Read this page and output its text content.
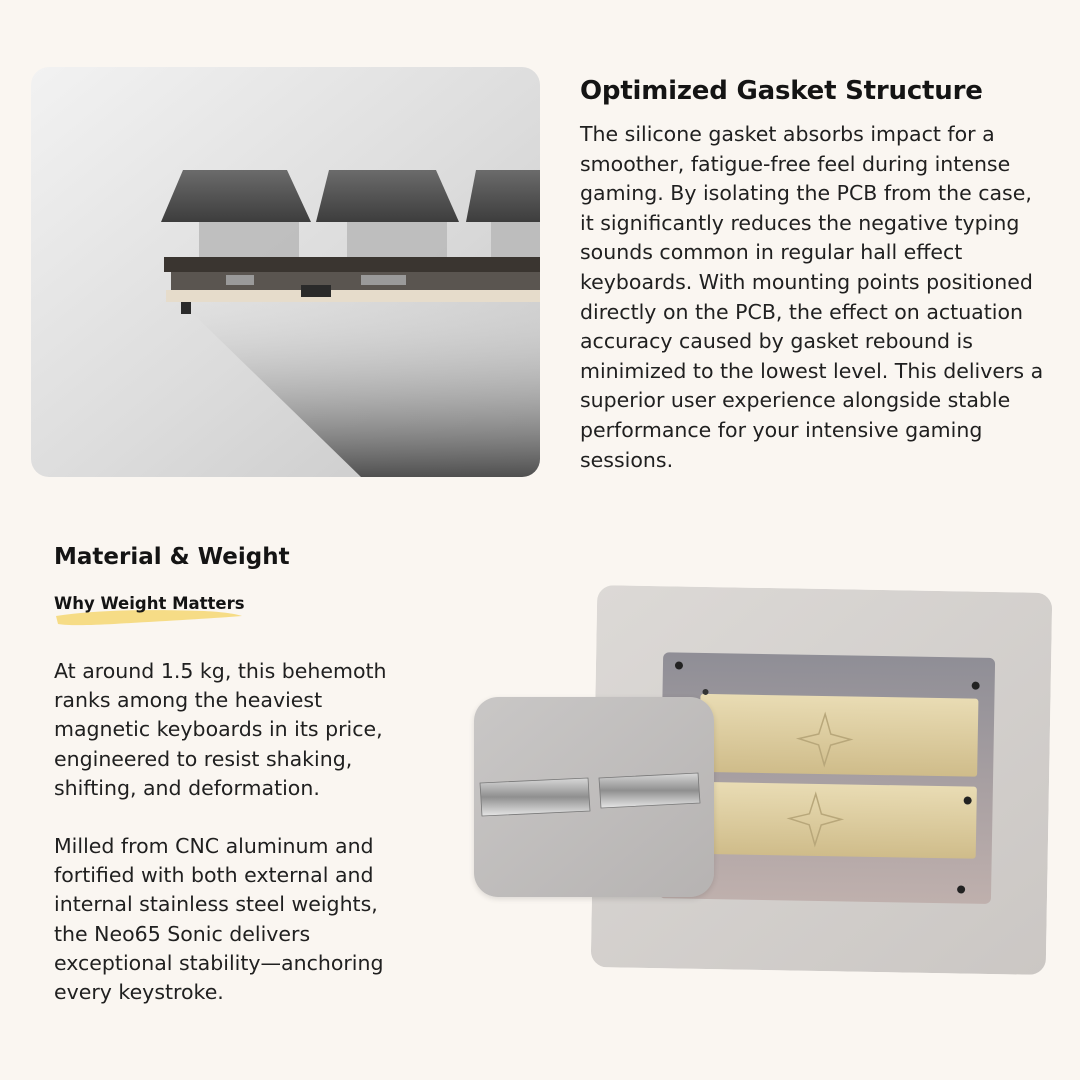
Optimized Gasket Structure

The silicone gasket absorbs impact for a smoother, fatigue-free feel during intense gaming. By isolating the PCB from the case, it significantly reduces the negative typing sounds common in regular hall effect keyboards. With mounting points positioned directly on the PCB, the effect on actuation accuracy caused by gasket rebound is minimized to the lowest level. This delivers a superior user experience alongside stable performance for your intensive gaming sessions.

Material & Weight
Why Weight Matters

At around 1.5 kg, this behemoth ranks among the heaviest magnetic keyboards in its price, engineered to resist shaking, shifting, and deformation.

Milled from CNC aluminum and fortified with both external and internal stainless steel weights, the Neo65 Sonic delivers exceptional stability—anchoring every keystroke.
